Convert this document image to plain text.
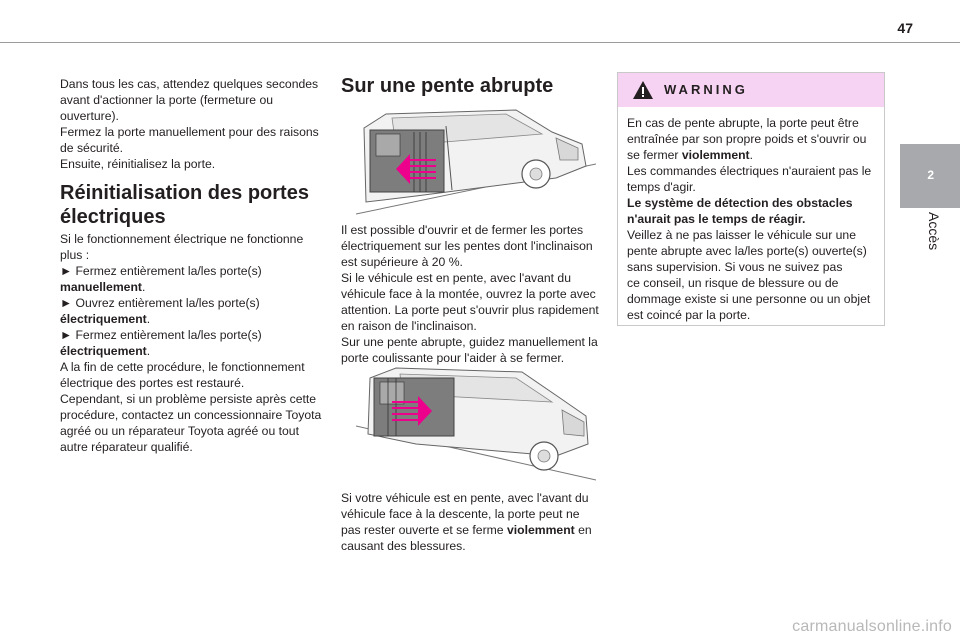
47
2
Accès

Dans tous les cas, attendez quelques secondes

avant d'actionner la porte (fermeture ou

ouverture).

Fermez la porte manuellement pour des raisons

de sécurité.

Ensuite, réinitialisez la porte.

Réinitialisation des portes
électriques

Si le fonctionnement électrique ne fonctionne

plus :

► Fermez entièrement la/les porte(s)

manuellement.

► Ouvrez entièrement la/les porte(s)

électriquement.

► Fermez entièrement la/les porte(s)

électriquement.

A la fin de cette procédure, le fonctionnement

électrique des portes est restauré.

Cependant, si un problème persiste après cette

procédure, contactez un concessionnaire Toyota

agréé ou un réparateur Toyota agréé ou tout

autre réparateur qualifié.

Sur une pente abrupte

Il est possible d'ouvrir et de fermer les portes

électriquement sur les pentes dont l'inclinaison

est supérieure à 20 %.

Si le véhicule est en pente, avec l'avant du

véhicule face à la montée, ouvrez la porte avec

attention. La porte peut s'ouvrir plus rapidement

en raison de l'inclinaison.

Sur une pente abrupte, guidez manuellement la

porte coulissante pour l'aider à se fermer.

Si votre véhicule est en pente, avec l'avant du

véhicule face à la descente, la porte peut ne

pas rester ouverte et se ferme violemment en

causant des blessures.

WARNING

En cas de pente abrupte, la porte peut être

entraînée par son propre poids et s'ouvrir ou

se fermer violemment.

Les commandes électriques n'auraient pas le

temps d'agir.

Le système de détection des obstacles

n'aurait pas le temps de réagir.

Veillez à ne pas laisser le véhicule sur une

pente abrupte avec la/les porte(s) ouverte(s)

sans supervision. Si vous ne suivez pas

ce conseil, un risque de blessure ou de

dommage existe si une personne ou un objet

est coincé par la porte.

carmanualsonline.info
